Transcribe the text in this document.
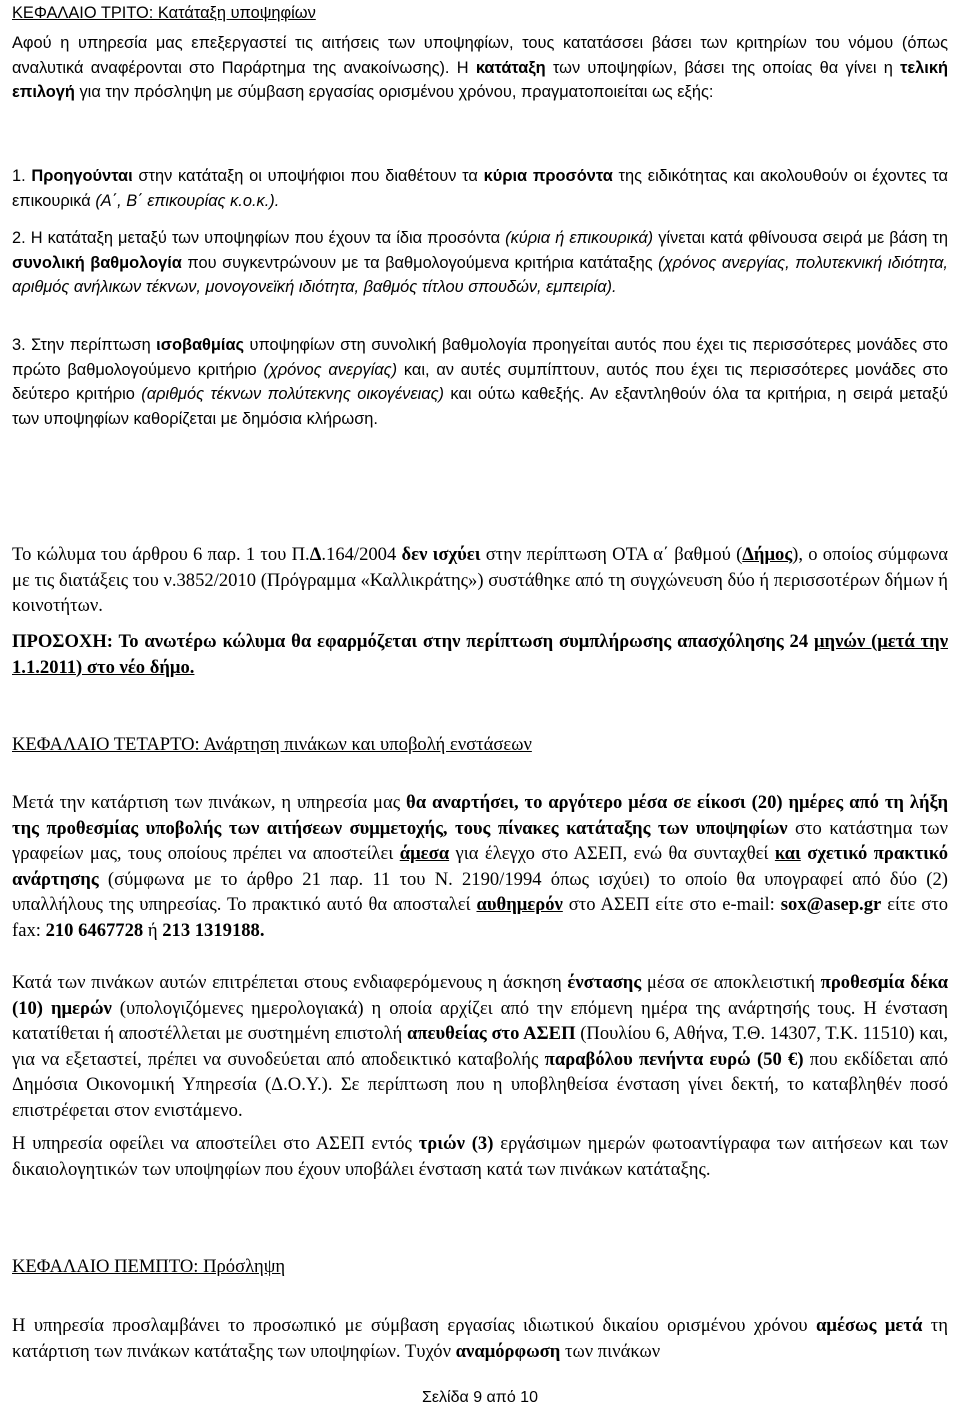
ΚΕΦΑΛΑΙΟ ΤΡΙΤΟ: Κατάταξη υποψηφίων

Αφού η υπηρεσία μας επεξεργαστεί τις αιτήσεις των υποψηφίων, τους κατατάσσει βάσει των κριτηρίων του νόμου (όπως αναλυτικά αναφέρονται στο Παράρτημα της ανακοίνωσης). Η κατάταξη των υποψηφίων, βάσει της οποίας θα γίνει η τελική επιλογή για την πρόσληψη με σύμβαση εργασίας ορισμένου χρόνου, πραγματοποιείται ως εξής:

1. Προηγούνται στην κατάταξη οι υποψήφιοι που διαθέτουν τα κύρια προσόντα της ειδικότητας και ακολουθούν οι έχοντες τα επικουρικά (Α΄, Β΄ επικουρίας κ.ο.κ.).

2. Η κατάταξη μεταξύ των υποψηφίων που έχουν τα ίδια προσόντα (κύρια ή επικουρικά) γίνεται κατά φθίνουσα σειρά με βάση τη συνολική βαθμολογία που συγκεντρώνουν με τα βαθμολογούμενα κριτήρια κατάταξης (χρόνος ανεργίας, πολυτεκνική ιδιότητα, αριθμός ανήλικων τέκνων, μονογονεϊκή ιδιότητα, βαθμός τίτλου σπουδών, εμπειρία).

3. Στην περίπτωση ισοβαθμίας υποψηφίων στη συνολική βαθμολογία προηγείται αυτός που έχει τις περισσότερες μονάδες στο πρώτο βαθμολογούμενο κριτήριο (χρόνος ανεργίας) και, αν αυτές συμπίπτουν, αυτός που έχει τις περισσότερες μονάδες στο δεύτερο κριτήριο (αριθμός τέκνων πολύτεκνης οικογένειας) και ούτω καθεξής. Αν εξαντληθούν όλα τα κριτήρια, η σειρά μεταξύ των υποψηφίων καθορίζεται με δημόσια κλήρωση.

Το κώλυμα του άρθρου 6 παρ. 1 του Π.Δ.164/2004 δεν ισχύει στην περίπτωση ΟΤΑ α΄ βαθμού (Δήμος), ο οποίος σύμφωνα με τις διατάξεις του ν.3852/2010 (Πρόγραμμα «Καλλικράτης») συστάθηκε από τη συγχώνευση δύο ή περισσοτέρων δήμων ή κοινοτήτων.

ΠΡΟΣΟΧΗ: Το ανωτέρω κώλυμα θα εφαρμόζεται στην περίπτωση συμπλήρωσης απασχόλησης 24 μηνών (μετά την 1.1.2011) στο νέο δήμο.

ΚΕΦΑΛΑΙΟ ΤΕΤΑΡΤΟ: Ανάρτηση πινάκων και υποβολή ενστάσεων

Μετά την κατάρτιση των πινάκων, η υπηρεσία μας θα αναρτήσει, το αργότερο μέσα σε είκοσι (20) ημέρες από τη λήξη της προθεσμίας υποβολής των αιτήσεων συμμετοχής, τους πίνακες κατάταξης των υποψηφίων στο κατάστημα των γραφείων μας, τους οποίους πρέπει να αποστείλει άμεσα για έλεγχο στο ΑΣΕΠ, ενώ θα συνταχθεί και σχετικό πρακτικό ανάρτησης (σύμφωνα με το άρθρο 21 παρ. 11 του Ν. 2190/1994 όπως ισχύει) το οποίο θα υπογραφεί από δύο (2) υπαλλήλους της υπηρεσίας. Το πρακτικό αυτό θα αποσταλεί αυθημερόν στο ΑΣΕΠ είτε στο e-mail: sox@asep.gr είτε στο fax: 210 6467728 ή 213 1319188.

Κατά των πινάκων αυτών επιτρέπεται στους ενδιαφερόμενους η άσκηση ένστασης μέσα σε αποκλειστική προθεσμία δέκα (10) ημερών (υπολογιζόμενες ημερολογιακά) η οποία αρχίζει από την επόμενη ημέρα της ανάρτησής τους. Η ένσταση κατατίθεται ή αποστέλλεται με συστημένη επιστολή απευθείας στο ΑΣΕΠ (Πουλίου 6, Αθήνα, Τ.Θ. 14307, Τ.Κ. 11510) και, για να εξεταστεί, πρέπει να συνοδεύεται από αποδεικτικό καταβολής παραβόλου πενήντα ευρώ (50 €) που εκδίδεται από Δημόσια Οικονομική Υπηρεσία (Δ.Ο.Υ.). Σε περίπτωση που η υποβληθείσα ένσταση γίνει δεκτή, το καταβληθέν ποσό επιστρέφεται στον ενιστάμενο.

Η υπηρεσία οφείλει να αποστείλει στο ΑΣΕΠ εντός τριών (3) εργάσιμων ημερών φωτοαντίγραφα των αιτήσεων και των δικαιολογητικών των υποψηφίων που έχουν υποβάλει ένσταση κατά των πινάκων κατάταξης.

ΚΕΦΑΛΑΙΟ ΠΕΜΠΤΟ: Πρόσληψη

Η υπηρεσία προσλαμβάνει το προσωπικό με σύμβαση εργασίας ιδιωτικού δικαίου ορισμένου χρόνου αμέσως μετά τη κατάρτιση των πινάκων κατάταξης των υποψηφίων. Τυχόν αναμόρφωση των πινάκων

Σελίδα 9 από 10
